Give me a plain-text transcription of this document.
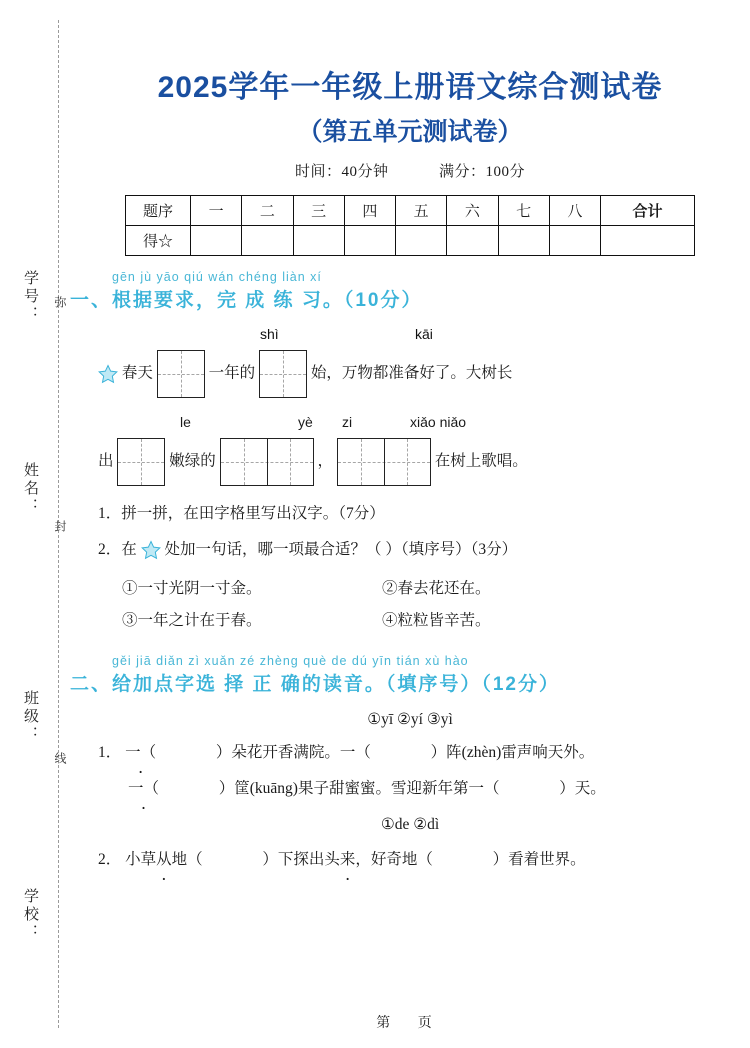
学号： 弥
姓名：
封
班级：
线
学校：
2025学年一年级上册语文综合测试卷
（第五单元测试卷）
时间：40分钟	满分：100分
题序	一	二	三	四	五	六	七	八	合计
得☆									
gēn jù yāo qiú wán chéng liàn xí
一、根据要求，完 成 练 习。（10分）
shì	kāi
春天	一年的	始，万物都准备好了。大树长
le	yè zi	xiǎo niǎo
出	嫩绿的	，	在树上歌唱。
1．拼一拼，在田字格里写出汉字。（7分）
2．在 处加一句话，哪一项最合适？（ ）（填序号）（3分）
①一寸光阴一寸金。	②春去花还在。
③一年之计在于春。	④粒粒皆辛苦。
gěi jiā diǎn zì xuǎn zé zhèng què de dú yīn tián xù hào
二、给加点字选 择 正 确的读音。（填序号）（12分）
①yī ②yí ③yì
1． 一（ ·	）朵花开香满院。一（	）阵(zhèn)雷声响天外。
一（ ·	）筐(kuāng)果子甜蜜蜜。雪迎新年第一（	）天。
①de ②dì
2． 小草从地（ ·	）下探出头来，好奇地（ ·	）看着世界。
第 页
